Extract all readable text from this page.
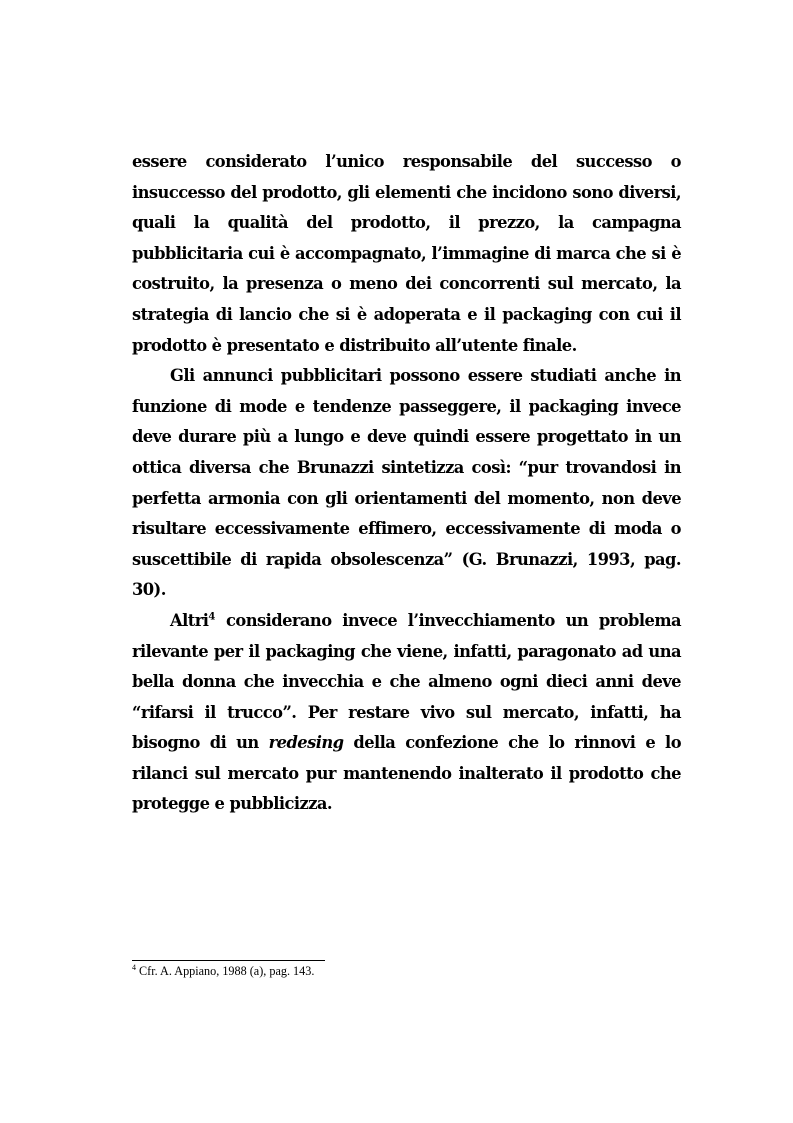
essere considerato l’unico responsabile del successo o insuccesso del prodotto, gli elementi che incidono sono diversi, quali la qualità del prodotto, il prezzo, la campagna pubblicitaria cui è accompagnato, l’immagine di marca che si è costruito, la presenza o meno dei concorrenti sul mercato, la strategia di lancio che si è adoperata e il packaging con cui il prodotto è presentato e distribuito all’utente finale.

Gli annunci pubblicitari possono essere studiati anche in funzione di mode e tendenze passeggere, il packaging invece deve durare più a lungo e deve quindi essere progettato in un ottica diversa che Brunazzi sintetizza così: “pur trovandosi in perfetta armonia con gli orientamenti del momento, non deve risultare eccessivamente effimero, eccessivamente di moda o suscettibile di rapida obsolescenza” (G. Brunazzi, 1993, pag. 30).

Altri$^4$ considerano invece l’invecchiamento un problema rilevante per il packaging che viene, infatti, paragonato ad una bella donna che invecchia e che almeno ogni dieci anni deve “rifarsi il trucco”. Per restare vivo sul mercato, infatti, ha bisogno di un redesing della confezione che lo rinnovi e lo rilanci sul mercato pur mantenendo inalterato il prodotto che protegge e pubblicizza.

$^4$ Cfr. A. Appiano, 1988 (a), pag. 143.
